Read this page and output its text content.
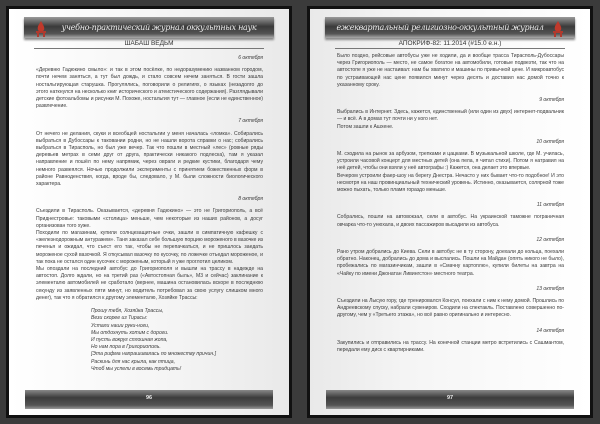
учебно-практический журнал оккультных наук
ШАБАШ ВЕДЬМ
6 октября

«Деревню Гадюкино смыло»: и так в этом посёлке, по недоразумению названном городом, почти нечем заняться, а тут был дождь, и стало совсем нечем заняться. В гости зашла ностальгирующая старушка. Прогулялись, поговорили о религиях, о языках (незадолго до этого наткнулся на несколько книг исторического и атеистического содержания). Разглядывали детские фотоальбомы и рисунки М. Похоже, ностальгия тут — главное (если не единственное) развлечение.

7 октября

От нечего не делания, скуки и всеобщей ностальгии у меня началась «ломка». Собирались выбраться в Дубоссары к таковании родни, но не нашли ворота справки о нас; собирались выбраться в Тирасполь, но был уже вечер. Так что пошли в местный «лес» (ровные ряды деревьев метрах в семи друг от друга, практически никакого подлеска), там я указал направление и пошёл по нему напрямик, через овраги и редкие кустики, благодаря чему немного развеялся. Ночью продолжили эксперименты с принятием божественных форм в районе Равноденствия, когда, вроде бы, следовало, у М. были сложности биологического характера.

8 октября

Съездили в Тирасполь. Оказывается, «деревня Гадюкино» — это не Григориополь, а всё Приднестровье: таковыми «столица» меньше, чем некоторые из наших районов, а досуг организован того хуже.

Походили по магазинам, купили солнцезащитные очки, зашли в симпатичную кафешку с «железнодорожным антуражем». Таня заказал себе большую порцию мороженого в вазочке из печенья и ожидал, что съест его так, чтобы не перепачкаться, и не пришлось заедать мороженое сухой вазочкой. Я откусывал вазочку по кусочку, по ложечке отъедал мороженое, и так пока не остался один кусочек с мороженым, который я уже проглотил целиком.

Мы опоздали на последний автобус до Григориополя и вышли на трассу в надежде на автостоп. Долго ждали, но на третий раз («Автостопная быль», М3 и сейчас) заклинание к элементалю автомобилей не сработало (вернее, машина остановилась вскоре в последнюю секунду из заявленных пяти минут, но водитель потребовал за свою услугу слишком много денег), так что я обратился к другому элементалю, Хозяйке Трассы:

Прошу тебя, Хозяйка Трассы,
Вези скорее из Тирасы:
Устали наши руки-ноги,
Мы отдохнуть хотим с дороги.
И пусть вокруг сплошная жопа,
Но нам пора в Григориополь.
[Эта рифма напрашивалась по множеству причин.]
Раскинь для нас крыла, как птица,
Чтоб мы успели в восемь тридцать!
96
ежеквартальный религиозно-оккультный журнал
АПОКРИФ-82: 11.2014 (#15.0 е.н.)

Было поздно, рейсовые автобусы уже не ходили, да и вообще трасса Тирасполь-Дубоссары через Григориополь — место, не самое богатое на автомобили, готовые подвезти, так что на автостопе я уже не настаивал: нам бы хватило и машины по привычной цене. И микроавтобус по устраивающей нас цене появился минут через десять и доставил нас домой точно к указанному сроку.

9 октября

Выбрались в Интернет. Здесь, кажется, единственный (или один из двух) интернет-подвальчик — и всё. А в домах тут почти ни у кого нет.

Потом зашли к Ашхене.

10 октября

М. сходила на рынок за арбузом, трепками и цацками. В музыкальной школе, где М. училась, устроили часовой концерт для местных детей (она пела, я читал стихи). Потом я натравил на неё детей, чтобы они взяли у неё автографы :) Кажется, она делает это впервые.

Вечером устроили фаер-шоу на берегу Днестра. Нечасто у них бывает что-то подобное! И это несмотря на наш провинциальный технический уровень. Истинно, оказывается, солярной тоже можно пыхать, только пламя гораздо меньше.

11 октября

Собрались, пошли на автовокзал, сели в автобус. На украинской таможне пограничная овчарка что-то унюхала, и двоих пассажиров высадили из автобуса.

12 октября

Рано утром добрались до Киева. Сели в автобус не в ту сторону, доехали до кольца, поехали обратно. Наконец, добрались до дома и выспались. Пошли на Майдан (опять никого не было), пробежались по магазинчикам, зашли в «Смачну картоплю», купили билеты на завтра на «Чайку по имени Джонатан Ливингстон» местного театра.

13 октября

Съездили на Лысую гору, где тренировался Консул, поехали с ним к нему домой. Прошлись по Андреевскому спуску, набрали сувениров. Сходили на спектакль. Поставлено совершенно по-другому, чем у «Третьего этажа», но всё равно оригинально и интересно.

14 октября

Закупились и отправились на трассу. На конечной станции метро встретились с Сашмантом, передали ему диск с квартирниками.

97
